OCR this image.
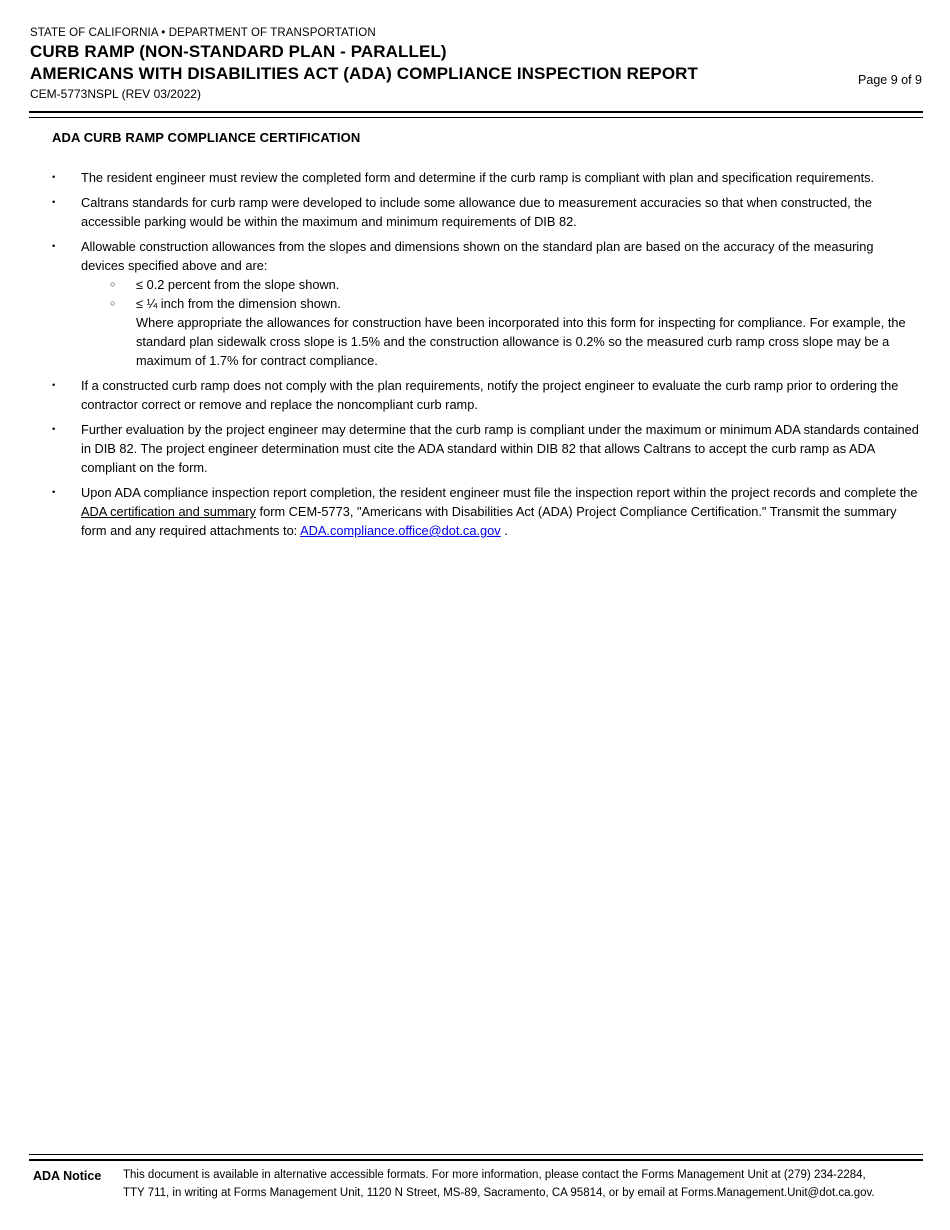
STATE OF CALIFORNIA • DEPARTMENT OF TRANSPORTATION
CURB RAMP (NON-STANDARD PLAN - PARALLEL)
AMERICANS WITH DISABILITIES ACT (ADA) COMPLIANCE INSPECTION REPORT
CEM-5773NSPL (REV 03/2022)
Page 9 of 9
ADA CURB RAMP COMPLIANCE CERTIFICATION
•	The resident engineer must review the completed form and determine if the curb ramp is compliant with plan and specification requirements.
•	Caltrans standards for curb ramp were developed to include some allowance due to measurement accuracies so that when constructed, the accessible parking would be within the maximum and minimum requirements of DIB 82.
•	Allowable construction allowances from the slopes and dimensions shown on the standard plan are based on the accuracy of the measuring devices specified above and are:
○	≤ 0.2 percent from the slope shown.
○	≤ ¼ inch from the dimension shown.
Where appropriate the allowances for construction have been incorporated into this form for inspecting for compliance. For example, the standard plan sidewalk cross slope is 1.5% and the construction allowance is 0.2% so the measured curb ramp cross slope may be a maximum of 1.7% for contract compliance.
•	If a constructed curb ramp does not comply with the plan requirements, notify the project engineer to evaluate the curb ramp prior to ordering the contractor correct or remove and replace the noncompliant curb ramp.
•	Further evaluation by the project engineer may determine that the curb ramp is compliant under the maximum or minimum ADA standards contained in DIB 82. The project engineer determination must cite the ADA standard within DIB 82 that allows Caltrans to accept the curb ramp as ADA compliant on the form.
•	Upon ADA compliance inspection report completion, the resident engineer must file the inspection report within the project records and complete the ADA certification and summary form CEM-5773, "Americans with Disabilities Act (ADA) Project Compliance Certification." Transmit the summary form and any required attachments to: ADA.compliance.office@dot.ca.gov .
ADA Notice	This document is available in alternative accessible formats. For more information, please contact the Forms Management Unit at (279) 234-2284,
TTY 711, in writing at Forms Management Unit, 1120 N Street, MS-89, Sacramento, CA 95814, or by email at Forms.Management.Unit@dot.ca.gov.
